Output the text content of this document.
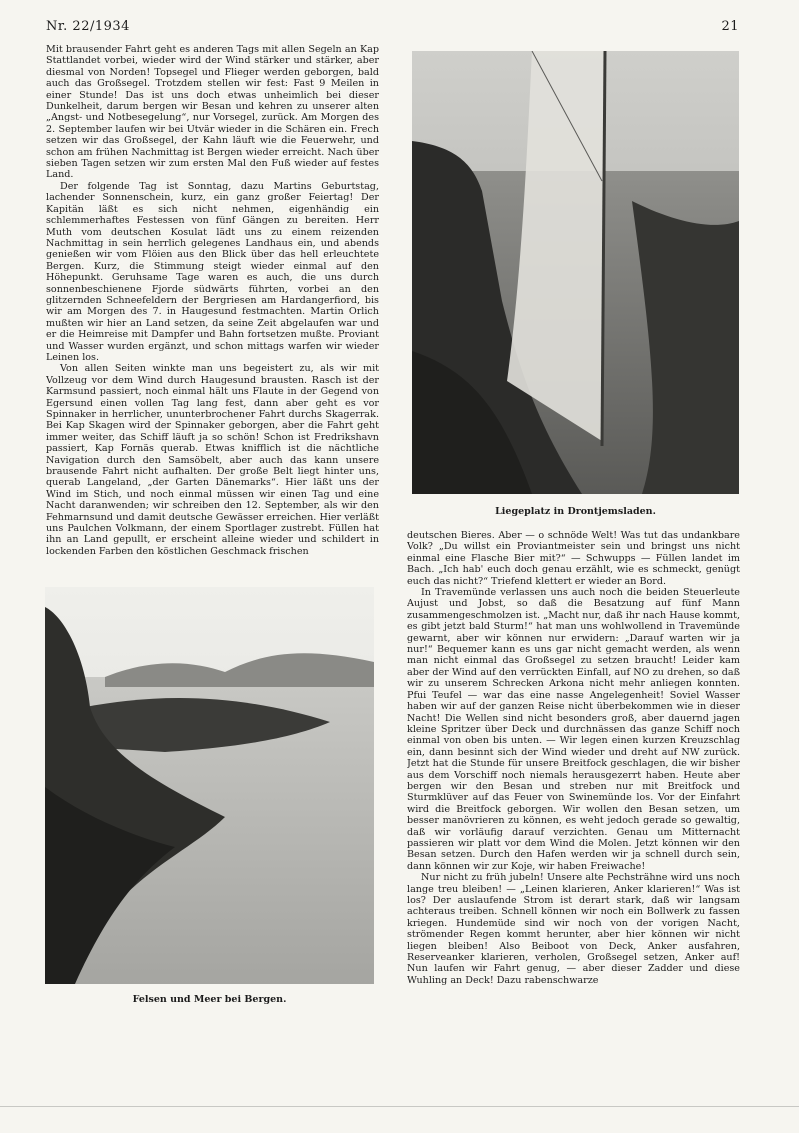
Nr. 22/1934	21

Mit brausender Fahrt geht es anderen Tags mit allen Segeln an Kap Stattlandet vorbei, wieder wird der Wind stärker und stärker, aber diesmal von Norden! Topsegel und Flieger werden geborgen, bald auch das Großsegel. Trotzdem stellen wir fest: Fast 9 Meilen in einer Stunde! Das ist uns doch etwas unheimlich bei dieser Dunkelheit, darum bergen wir Besan und kehren zu unserer alten „Angst- und Notbesegelung“, nur Vorsegel, zurück. Am Morgen des 2. September laufen wir bei Utvär wieder in die Schären ein. Frech setzen wir das Großsegel, der Kahn läuft wie die Feuerwehr, und schon am frühen Nachmittag ist Bergen wieder erreicht. Nach über sieben Tagen setzen wir zum ersten Mal den Fuß wieder auf festes Land.

Der folgende Tag ist Sonntag, dazu Martins Geburtstag, lachender Sonnenschein, kurz, ein ganz großer Feiertag! Der Kapitän läßt es sich nicht nehmen, eigenhändig ein schlemmerhaftes Festessen von fünf Gängen zu bereiten. Herr Muth vom deutschen Kosulat lädt uns zu einem reizenden Nachmittag in sein herrlich gelegenes Landhaus ein, und abends genießen wir vom Flöien aus den Blick über das hell erleuchtete Bergen. Kurz, die Stimmung steigt wieder einmal auf den Höhepunkt. Geruhsame Tage waren es auch, die uns durch sonnenbeschienene Fjorde südwärts führten, vorbei an den glitzernden Schneefeldern der Bergriesen am Hardangerfiord, bis wir am Morgen des 7. in Haugesund festmachten. Martin Orlich mußten wir hier an Land setzen, da seine Zeit abgelaufen war und er die Heimreise mit Dampfer und Bahn fortsetzen mußte. Proviant und Wasser wurden ergänzt, und schon mittags warfen wir wieder Leinen los.

Von allen Seiten winkte man uns begeistert zu, als wir mit Vollzeug vor dem Wind durch Haugesund brausten. Rasch ist der Karmsund passiert, noch einmal hält uns Flaute in der Gegend von Egersund einen vollen Tag lang fest, dann aber geht es vor Spinnaker in herrlicher, ununterbrochener Fahrt durchs Skagerrak. Bei Kap Skagen wird der Spinnaker geborgen, aber die Fahrt geht immer weiter, das Schiff läuft ja so schön! Schon ist Fredrikshavn passiert, Kap Fornäs querab. Etwas knifflich ist die nächtliche Navigation durch den Samsöbelt, aber auch das kann unsere brausende Fahrt nicht aufhalten. Der große Belt liegt hinter uns, querab Langeland, „der Garten Dänemarks“. Hier läßt uns der Wind im Stich, und noch einmal müssen wir einen Tag und eine Nacht daranwenden; wir schreiben den 12. September, als wir den Fehmarnsund und damit deutsche Gewässer erreichen. Hier verläßt uns Paulchen Volkmann, der einem Sportlager zustrebt. Füllen hat ihn an Land gepullt, er erscheint alleine wieder und schildert in lockenden Farben den köstlichen Geschmack frischen

Liegeplatz in Drontjemsladen.

deutschen Bieres. Aber — o schnöde Welt! Was tut das undankbare Volk? „Du willst ein Proviantmeister sein und bringst uns nicht einmal eine Flasche Bier mit?“ — Schwupps — Füllen landet im Bach. „Ich hab' euch doch genau erzählt, wie es schmeckt, genügt euch das nicht?“ Triefend klettert er wieder an Bord.

In Travemünde verlassen uns auch noch die beiden Steuerleute Aujust und Jobst, so daß die Besatzung auf fünf Mann zusammengeschmolzen ist. „Macht nur, daß ihr nach Hause kommt, es gibt jetzt bald Sturm!“ hat man uns wohlwollend in Travemünde gewarnt, aber wir können nur erwidern: „Darauf warten wir ja nur!“ Bequemer kann es uns gar nicht gemacht werden, als wenn man nicht einmal das Großsegel zu setzen braucht! Leider kam aber der Wind auf den verrückten Einfall, auf NO zu drehen, so daß wir zu unserem Schrecken Arkona nicht mehr anliegen konnten. Pfui Teufel — war das eine nasse Angelegenheit! Soviel Wasser haben wir auf der ganzen Reise nicht überbekommen wie in dieser Nacht! Die Wellen sind nicht besonders groß, aber dauernd jagen kleine Spritzer über Deck und durchnässen das ganze Schiff noch einmal von oben bis unten. — Wir legen einen kurzen Kreuzschlag ein, dann besinnt sich der Wind wieder und dreht auf NW zurück. Jetzt hat die Stunde für unsere Breitfock geschlagen, die wir bisher aus dem Vorschiff noch niemals herausgezerrt haben. Heute aber bergen wir den Besan und streben nur mit Breitfock und Sturmklüver auf das Feuer von Swinemünde los. Vor der Einfahrt wird die Breitfock geborgen. Wir wollen den Besan setzen, um besser manövrieren zu können, es weht jedoch gerade so gewaltig, daß wir vorläufig darauf verzichten. Genau um Mitternacht passieren wir platt vor dem Wind die Molen. Jetzt können wir den Besan setzen. Durch den Hafen werden wir ja schnell durch sein, dann können wir zur Koje, wir haben Freiwache!

Nur nicht zu früh jubeln! Unsere alte Pechsträhne wird uns noch lange treu bleiben! — „Leinen klarieren, Anker klarieren!“ Was ist los? Der auslaufende Strom ist derart stark, daß wir langsam achteraus treiben. Schnell können wir noch ein Bollwerk zu fassen kriegen. Hundemüde sind wir noch von der vorigen Nacht, strömender Regen kommt herunter, aber hier können wir nicht liegen bleiben! Also Beiboot von Deck, Anker ausfahren, Reserveanker klarieren, verholen, Großsegel setzen, Anker auf! Nun laufen wir Fahrt genug, — aber dieser Zadder und diese Wuhling an Deck! Dazu rabenschwarze

Felsen und Meer bei Bergen.
